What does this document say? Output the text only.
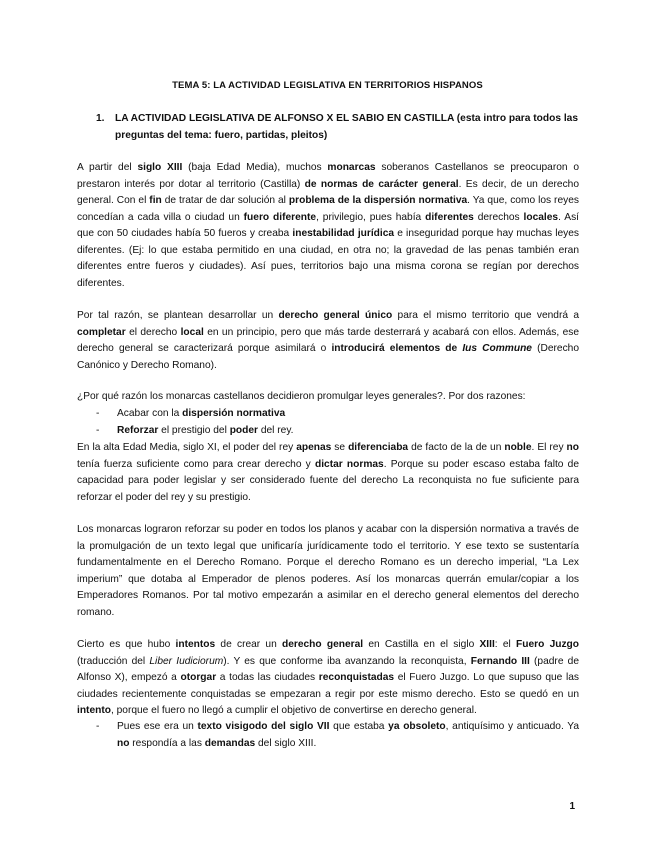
TEMA 5: LA ACTIVIDAD LEGISLATIVA EN TERRITORIOS HISPANOS
1.	LA ACTIVIDAD LEGISLATIVA DE ALFONSO X EL SABIO EN CASTILLA (esta intro para todos las preguntas del tema: fuero, partidas, pleitos)
A partir del siglo XIII (baja Edad Media), muchos monarcas soberanos Castellanos se preocuparon o prestaron interés por dotar al territorio (Castilla) de normas de carácter general. Es decir, de un derecho general. Con el fin de tratar de dar solución al problema de la dispersión normativa. Ya que, como los reyes concedían a cada villa o ciudad un fuero diferente, privilegio, pues había diferentes derechos locales. Así que con 50 ciudades había 50 fueros y creaba inestabilidad jurídica e inseguridad porque hay muchas leyes diferentes. (Ej: lo que estaba permitido en una ciudad, en otra no; la gravedad de las penas también eran diferentes entre fueros y ciudades). Así pues, territorios bajo una misma corona se regían por derechos diferentes.
Por tal razón, se plantean desarrollar un derecho general único para el mismo territorio que vendrá a completar el derecho local en un principio, pero que más tarde desterrará y acabará con ellos. Además, ese derecho general se caracterizará porque asimilará o introducirá elementos de Ius Commune (Derecho Canónico y Derecho Romano).
¿Por qué razón los monarcas castellanos decidieron promulgar leyes generales?. Por dos razones:
-	Acabar con la dispersión normativa
-	Reforzar el prestigio del poder del rey.
En la alta Edad Media, siglo XI, el poder del rey apenas se diferenciaba de facto de la de un noble. El rey no tenía fuerza suficiente como para crear derecho y dictar normas. Porque su poder escaso estaba falto de capacidad para poder legislar y ser considerado fuente del derecho La reconquista no fue suficiente para reforzar el poder del rey y su prestigio.
Los monarcas lograron reforzar su poder en todos los planos y acabar con la dispersión normativa a través de la promulgación de un texto legal que unificaría jurídicamente todo el territorio. Y ese texto se sustentaría fundamentalmente en el Derecho Romano. Porque el derecho Romano es un derecho imperial, “La Lex imperium” que dotaba al Emperador de plenos poderes. Así los monarcas querrán emular/copiar a los Emperadores Romanos. Por tal motivo empezarán a asimilar en el derecho general elementos del derecho romano.
Cierto es que hubo intentos de crear un derecho general en Castilla en el siglo XIII: el Fuero Juzgo (traducción del Liber Iudiciorum). Y es que conforme iba avanzando la reconquista, Fernando III (padre de Alfonso X), empezó a otorgar a todas las ciudades reconquistadas el Fuero Juzgo. Lo que supuso que las ciudades recientemente conquistadas se empezaran a regir por este mismo derecho. Esto se quedó en un intento, porque el fuero no llegó a cumplir el objetivo de convertirse en derecho general.
-	Pues ese era un texto visigodo del siglo VII que estaba ya obsoleto, antiquísimo y anticuado. Ya no respondía a las demandas del siglo XIII.
1
